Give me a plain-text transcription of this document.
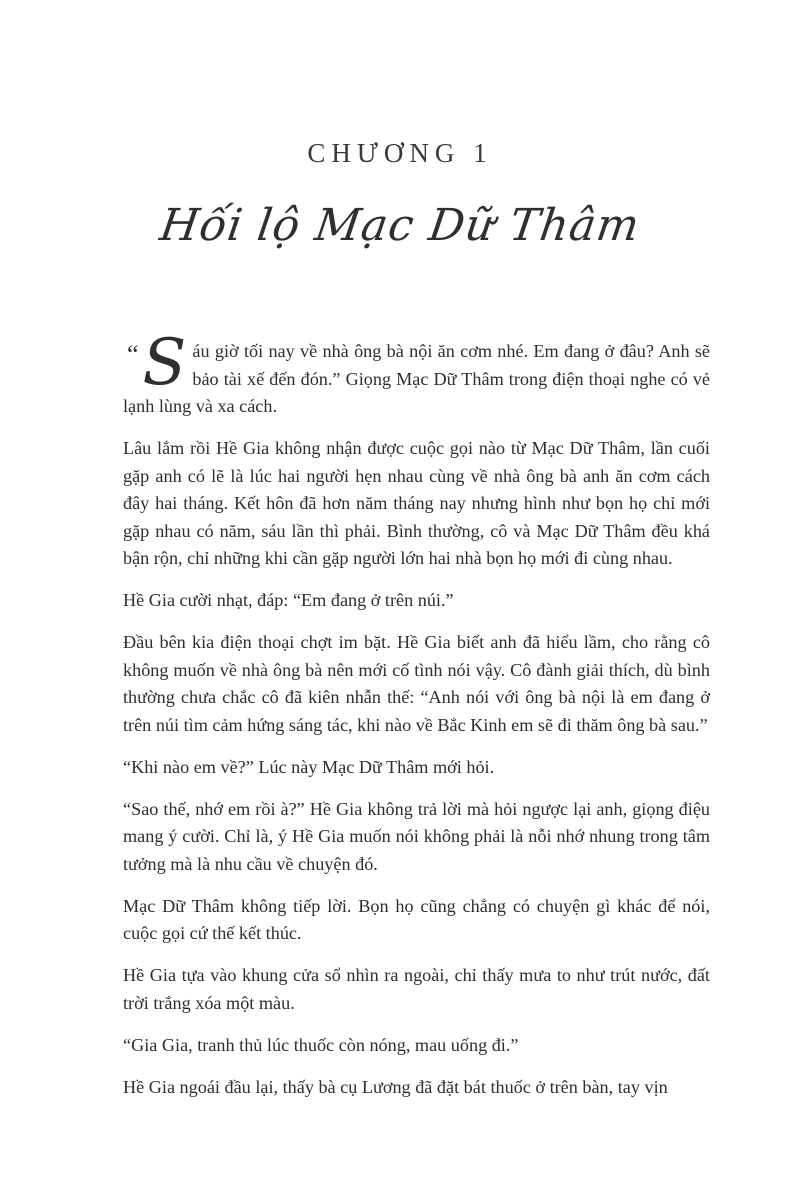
CHƯƠNG 1
Hối lộ Mạc Dữ Thâm

“ S áu giờ tối nay về nhà ông bà nội ăn cơm nhé. Em đang ở đâu? Anh sẽ bảo tài xế đến đón.” Giọng Mạc Dữ Thâm trong điện thoại nghe có vẻ lạnh lùng và xa cách.

Lâu lắm rồi Hề Gia không nhận được cuộc gọi nào từ Mạc Dữ Thâm, lần cuối gặp anh có lẽ là lúc hai người hẹn nhau cùng về nhà ông bà anh ăn cơm cách đây hai tháng. Kết hôn đã hơn năm tháng nay nhưng hình như bọn họ chỉ mới gặp nhau có năm, sáu lần thì phải. Bình thường, cô và Mạc Dữ Thâm đều khá bận rộn, chỉ những khi cần gặp người lớn hai nhà bọn họ mới đi cùng nhau.

Hề Gia cười nhạt, đáp: “Em đang ở trên núi.”

Đầu bên kia điện thoại chợt im bặt. Hề Gia biết anh đã hiểu lầm, cho rằng cô không muốn về nhà ông bà nên mới cố tình nói vậy. Cô đành giải thích, dù bình thường chưa chắc cô đã kiên nhẫn thế: “Anh nói với ông bà nội là em đang ở trên núi tìm cảm hứng sáng tác, khi nào về Bắc Kinh em sẽ đi thăm ông bà sau.”

“Khi nào em về?” Lúc này Mạc Dữ Thâm mới hỏi.

“Sao thế, nhớ em rồi à?” Hề Gia không trả lời mà hỏi ngược lại anh, giọng điệu mang ý cười. Chỉ là, ý Hề Gia muốn nói không phải là nỗi nhớ nhung trong tâm tưởng mà là nhu cầu về chuyện đó.

Mạc Dữ Thâm không tiếp lời. Bọn họ cũng chẳng có chuyện gì khác để nói, cuộc gọi cứ thế kết thúc.

Hề Gia tựa vào khung cửa sổ nhìn ra ngoài, chỉ thấy mưa to như trút nước, đất trời trắng xóa một màu.

“Gia Gia, tranh thủ lúc thuốc còn nóng, mau uống đi.”

Hề Gia ngoái đầu lại, thấy bà cụ Lương đã đặt bát thuốc ở trên bàn, tay vịn
